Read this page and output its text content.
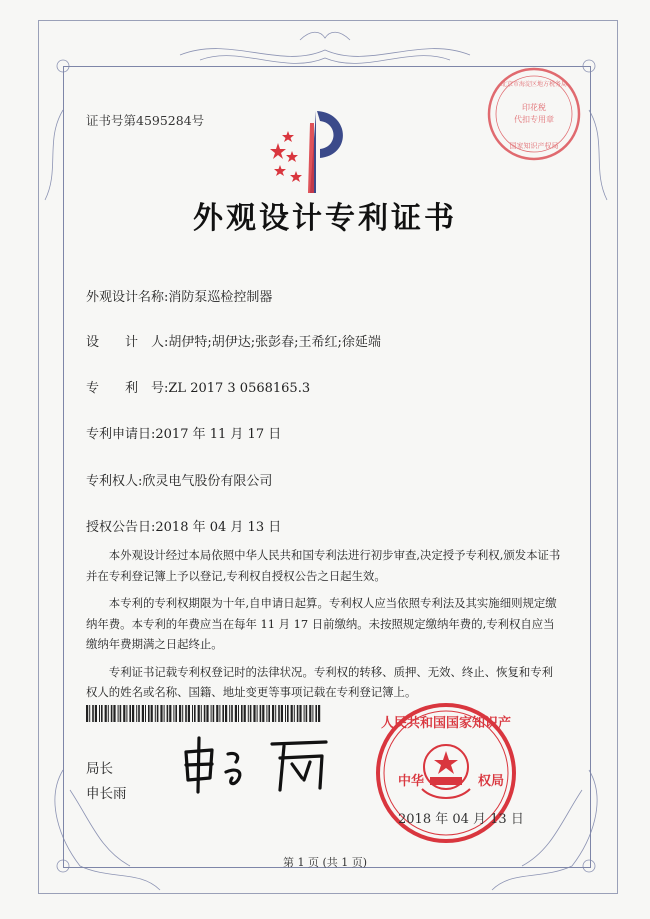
证书号第4595284号
印花税
代扣专用章
北京市海淀区地方税务局
国家知识产权局
外观设计专利证书
外观设计名称:消防泵巡检控制器
设　　计　人:胡伊特;胡伊达;张彭春;王希红;徐延端
专　　利　号:ZL 2017 3 0568165.3
专利申请日:2017 年 11 月 17 日
专利权人:欣灵电气股份有限公司
授权公告日:2018 年 04 月 13 日

本外观设计经过本局依照中华人民共和国专利法进行初步审查,决定授予专利权,颁发本证书并在专利登记簿上予以登记,专利权自授权公告之日起生效。

本专利的专利权期限为十年,自申请日起算。专利权人应当依照专利法及其实施细则规定缴纳年费。本专利的年费应当在每年 11 月 17 日前缴纳。未按照规定缴纳年费的,专利权自应当缴纳年费期满之日起终止。

专利证书记载专利权登记时的法律状况。专利权的转移、质押、无效、终止、恢复和专利权人的姓名或名称、国籍、地址变更等事项记载在专利登记簿上。

局长
申长雨
人民共和国国家知识产
中华	权局
2018 年 04 月 13 日
第 1 页 (共 1 页)
